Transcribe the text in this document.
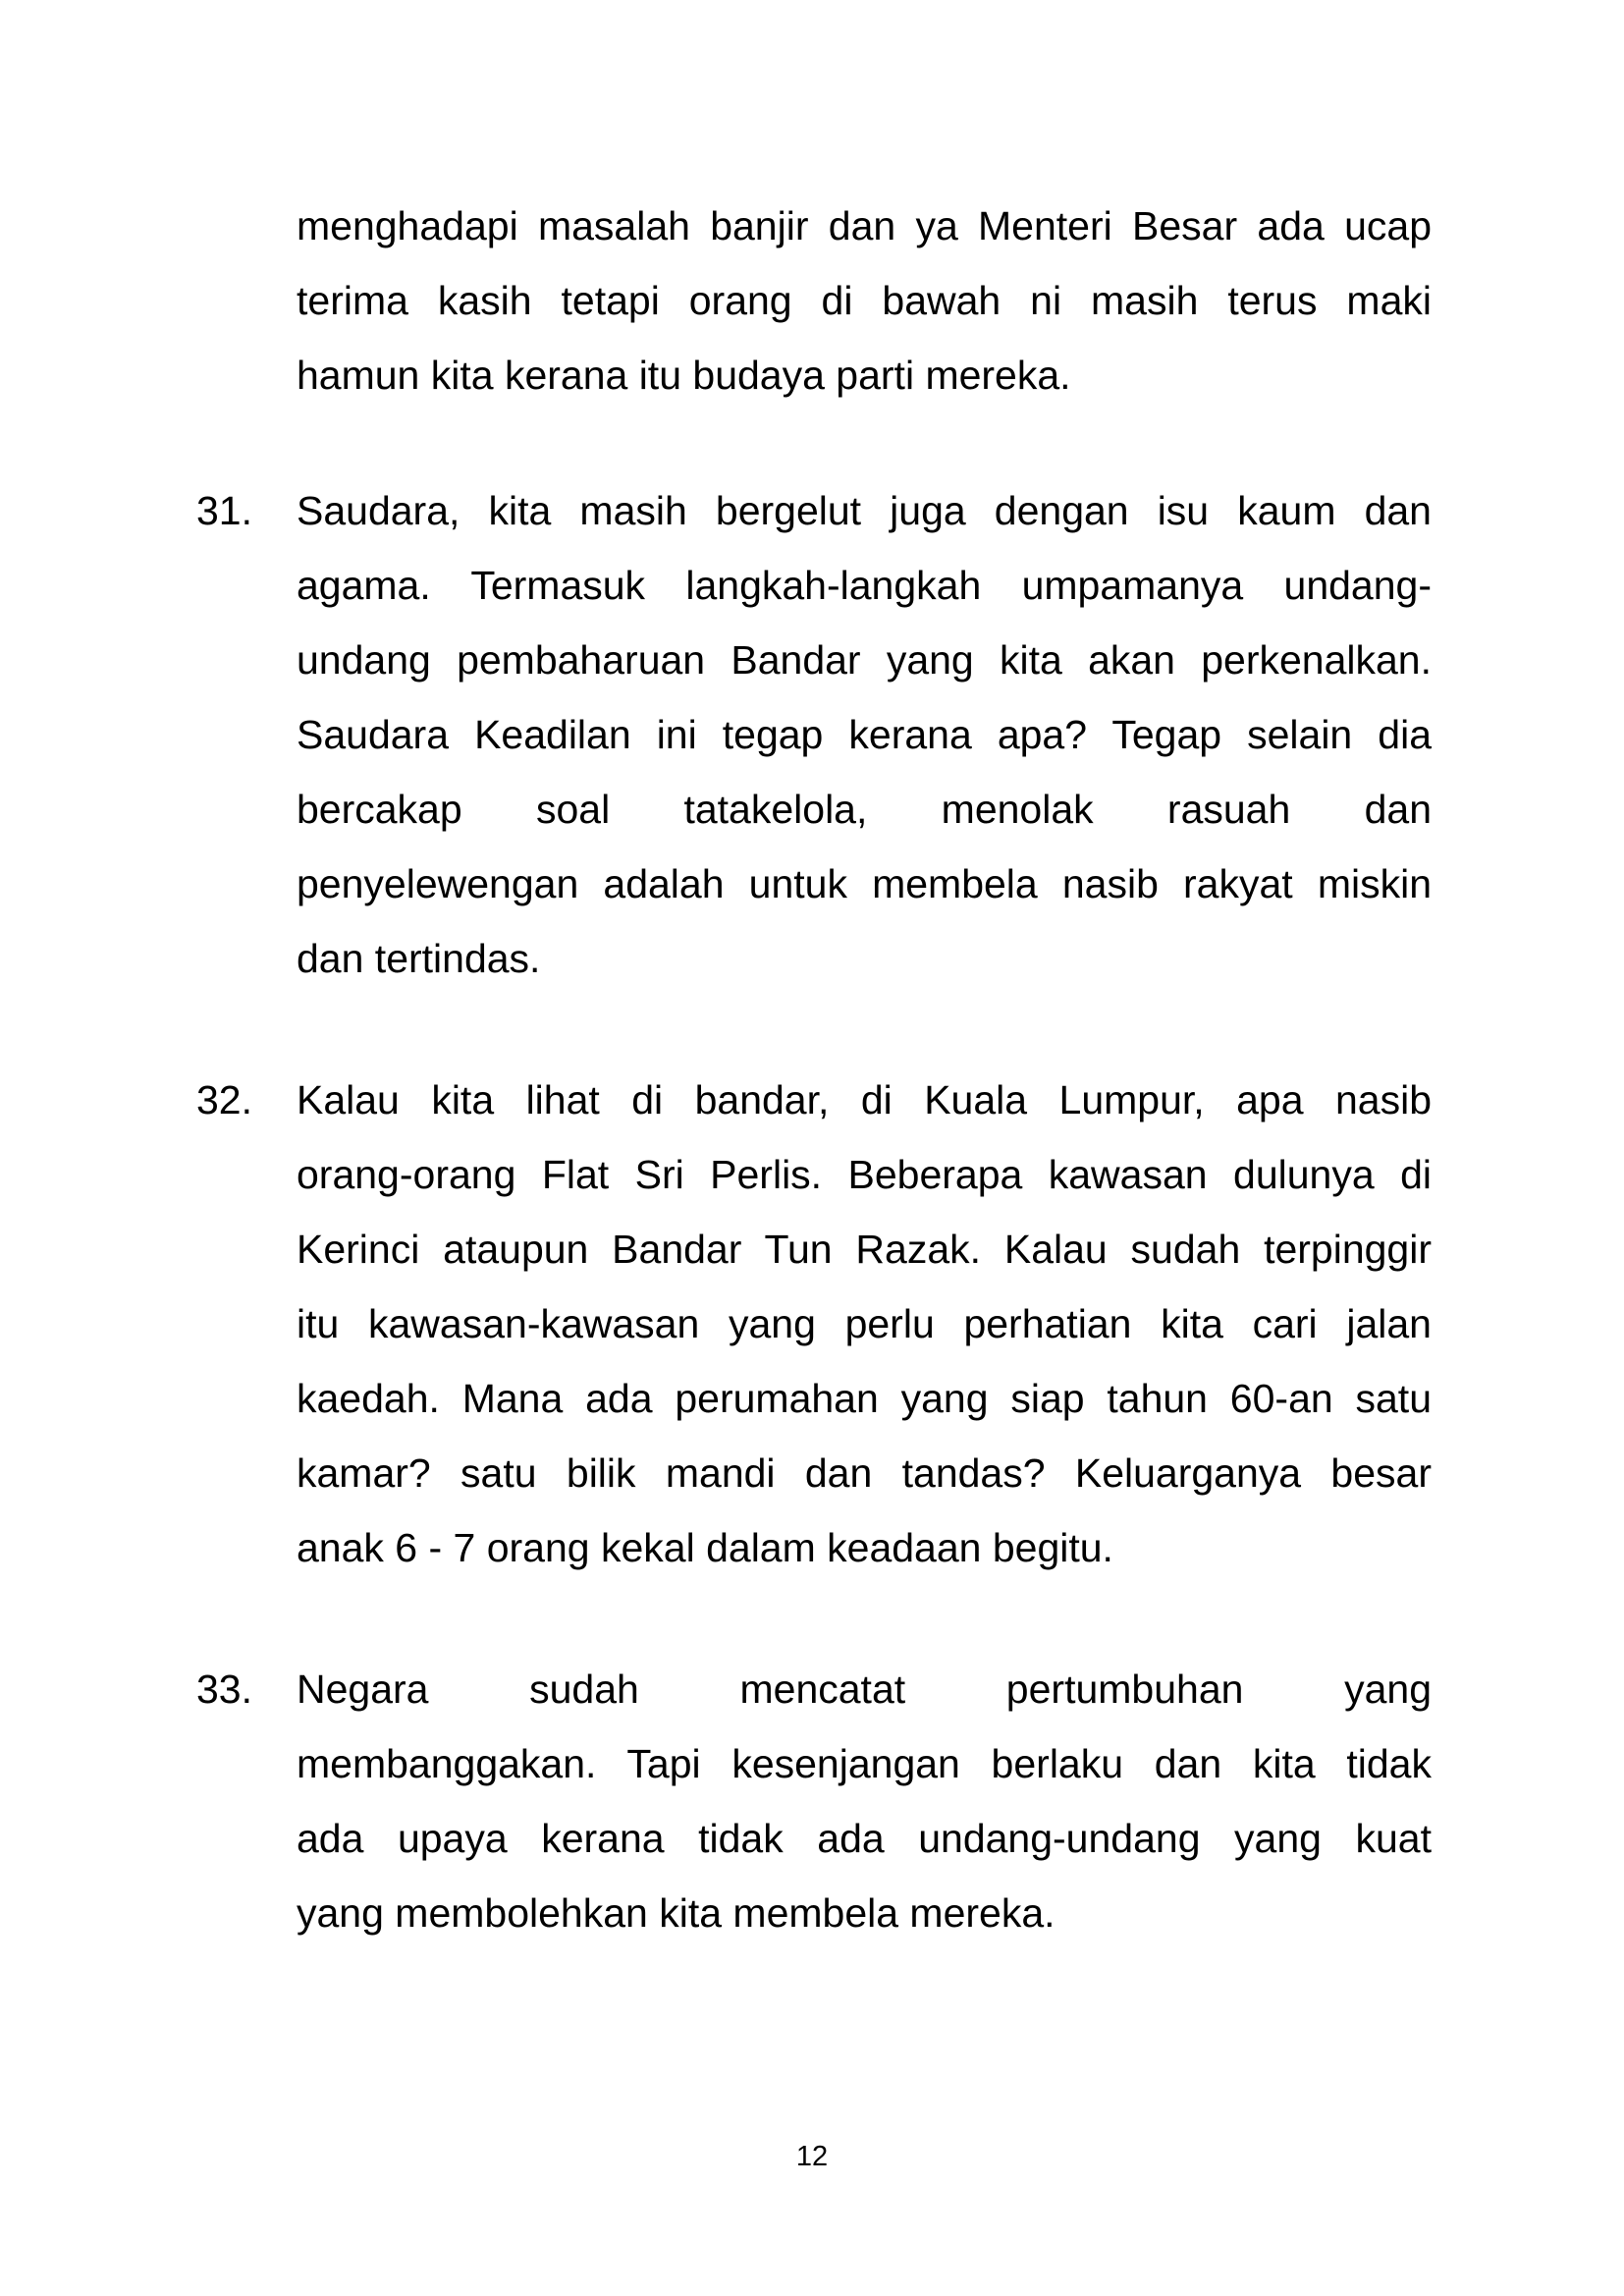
menghadapi masalah banjir dan ya Menteri Besar ada ucap

terima kasih tetapi orang di bawah ni masih terus maki

hamun kita kerana itu budaya parti mereka.

31. Saudara, kita masih bergelut juga dengan isu kaum dan

agama. Termasuk langkah-langkah umpamanya undang-

undang pembaharuan Bandar yang kita akan perkenalkan.

Saudara Keadilan ini tegap kerana apa? Tegap selain dia

bercakap soal tatakelola, menolak rasuah dan

penyelewengan adalah untuk membela nasib rakyat miskin

dan tertindas.

32. Kalau kita lihat di bandar, di Kuala Lumpur, apa nasib

orang-orang Flat Sri Perlis. Beberapa kawasan dulunya di

Kerinci ataupun Bandar Tun Razak. Kalau sudah terpinggir

itu kawasan-kawasan yang perlu perhatian kita cari jalan

kaedah. Mana ada perumahan yang siap tahun 60-an satu

kamar? satu bilik mandi dan tandas? Keluarganya besar

anak 6 - 7 orang kekal dalam keadaan begitu.

33. Negara sudah mencatat pertumbuhan yang

membanggakan. Tapi kesenjangan berlaku dan kita tidak

ada upaya kerana tidak ada undang-undang yang kuat

yang membolehkan kita membela mereka.

12
